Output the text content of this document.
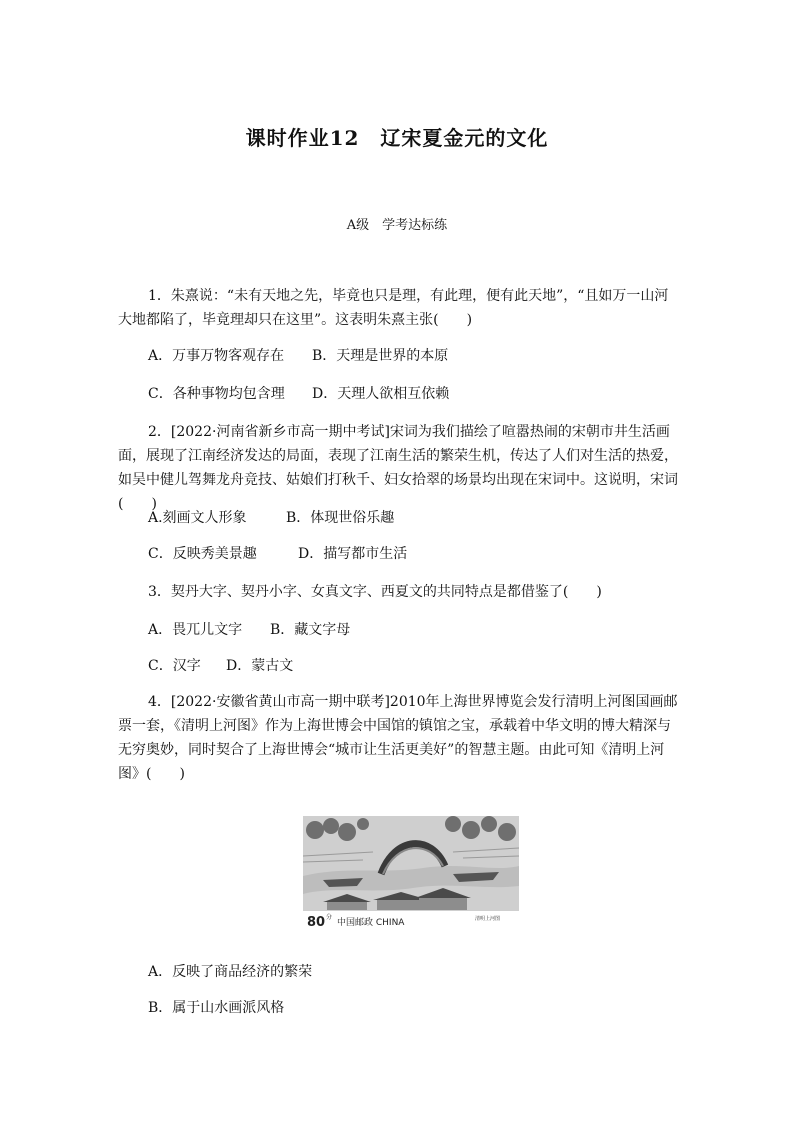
课时作业12　辽宋夏金元的文化
A级　学考达标练

1．朱熹说：“未有天地之先，毕竟也只是理，有此理，便有此天地”，“且如万一山河大地都陷了，毕竟理却只在这里”。这表明朱熹主张(　　)

A．万事万物客观存在 B．天理是世界的本原
C．各种事物均包含理 D．天理人欲相互依赖

2．[2022·河南省新乡市高一期中考试]宋词为我们描绘了喧嚣热闹的宋朝市井生活画面，展现了江南经济发达的局面，表现了江南生活的繁荣生机，传达了人们对生活的热爱，如吴中健儿驾舞龙舟竞技、姑娘们打秋千、妇女拾翠的场景均出现在宋词中。这说明，宋词(　　)

A.刻画文人形象	B．体现世俗乐趣
C．反映秀美景趣	D．描写都市生活

3．契丹大字、契丹小字、女真文字、西夏文的共同特点是都借鉴了(　　)

A．畏兀儿文字 B．藏文字母
C．汉字 D．蒙古文

4．[2022·安徽省黄山市高一期中联考]2010年上海世界博览会发行清明上河图国画邮票一套，《清明上河图》作为上海世博会中国馆的镇馆之宝，承载着中华文明的博大精深与无穷奥妙，同时契合了上海世博会“城市让生活更美好”的智慧主题。由此可知《清明上河图》(　　)

80 分
中国邮政 CHINA	清明上河图
A．反映了商品经济的繁荣
B．属于山水画派风格
